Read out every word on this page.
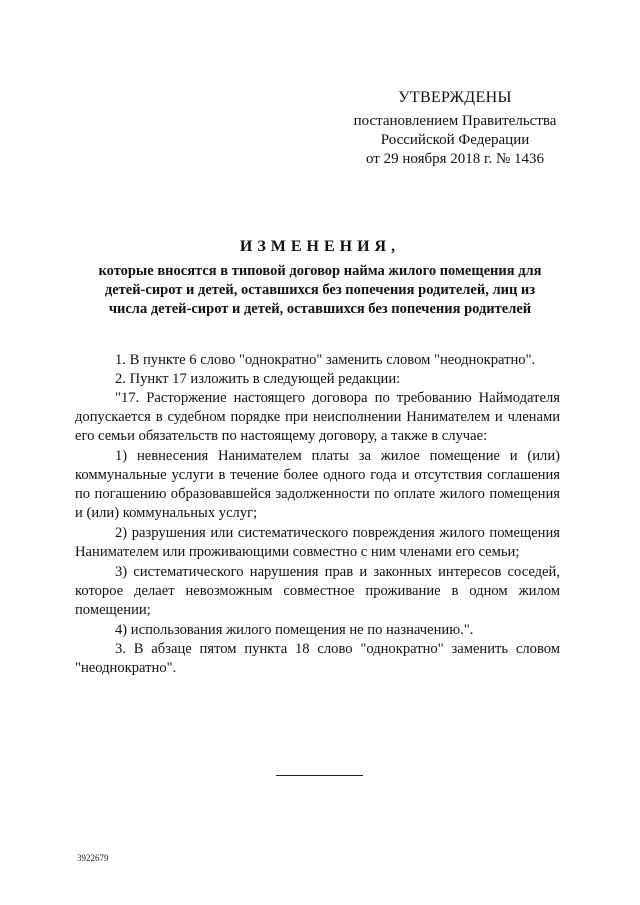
УТВЕРЖДЕНЫ
постановлением Правительства
Российской Федерации
от 29 ноября 2018 г. № 1436
ИЗМЕНЕНИЯ,
которые вносятся в типовой договор найма жилого помещения для
детей-сирот и детей, оставшихся без попечения родителей, лиц из
числа детей-сирот и детей, оставшихся без попечения родителей

1. В пункте 6 слово "однократно" заменить словом "неоднократно".

2. Пункт 17 изложить в следующей редакции:

"17. Расторжение настоящего договора по требованию Наймодателя допускается в судебном порядке при неисполнении Нанимателем и членами его семьи обязательств по настоящему договору, а также в случае:

1) невнесения Нанимателем платы за жилое помещение и (или) коммунальные услуги в течение более одного года и отсутствия соглашения по погашению образовавшейся задолженности по оплате жилого помещения и (или) коммунальных услуг;

2) разрушения или систематического повреждения жилого помещения Нанимателем или проживающими совместно с ним членами его семьи;

3) систематического нарушения прав и законных интересов соседей, которое делает невозможным совместное проживание в одном жилом помещении;

4) использования жилого помещения не по назначению.".

3. В абзаце пятом пункта 18 слово "однократно" заменить словом "неоднократно".

3922679
